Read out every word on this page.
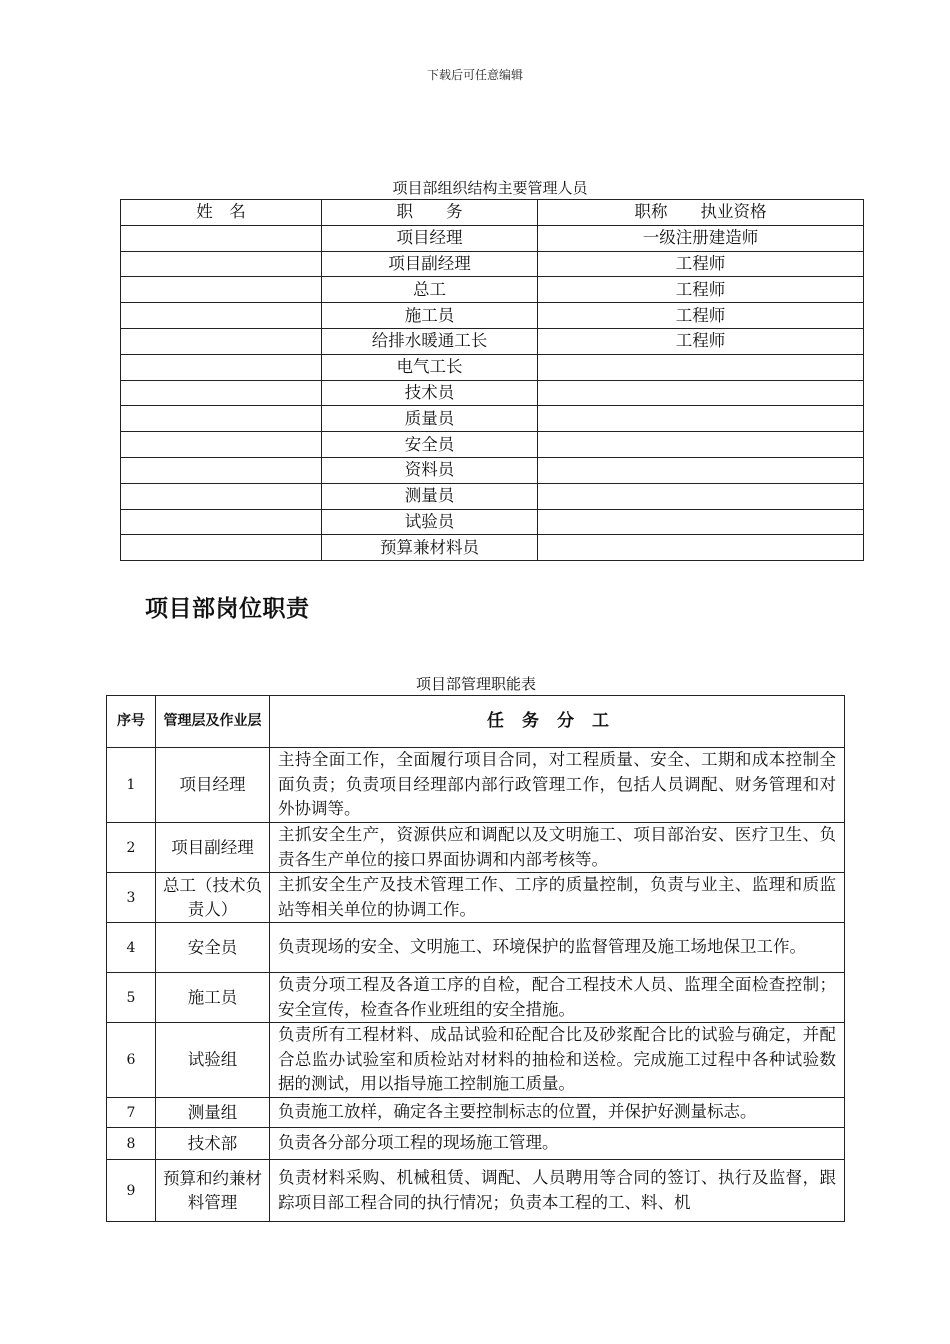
下载后可任意编辑
项目部组织结构主要管理人员
姓　名	职　　务	职称　　执业资格
	项目经理	一级注册建造师
	项目副经理	工程师
	总工	工程师
	施工员	工程师
	给排水暖通工长	工程师
	电气工长	
	技术员	
	质量员	
	安全员	
	资料员	
	测量员	
	试验员	
	预算兼材料员	
项目部岗位职责
项目部管理职能表
序号	管理层及作业层	任务分工
1	项目经理	主持全面工作，全面履行项目合同，对工程质量、安全、工期和成本控制全面负责；负责项目经理部内部行政管理工作，包括人员调配、财务管理和对外协调等。
2	项目副经理	主抓安全生产，资源供应和调配以及文明施工、项目部治安、医疗卫生、负责各生产单位的接口界面协调和内部考核等。
3	总工（技术负责人）	主抓安全生产及技术管理工作、工序的质量控制，负责与业主、监理和质监站等相关单位的协调工作。
4	安全员	负责现场的安全、文明施工、环境保护的监督管理及施工场地保卫工作。
5	施工员	负责分项工程及各道工序的自检，配合工程技术人员、监理全面检查控制；安全宣传，检查各作业班组的安全措施。
6	试验组	负责所有工程材料、成品试验和砼配合比及砂浆配合比的试验与确定，并配合总监办试验室和质检站对材料的抽检和送检。完成施工过程中各种试验数据的测试，用以指导施工控制施工质量。
7	测量组	负责施工放样，确定各主要控制标志的位置，并保护好测量标志。
8	技术部	负责各分部分项工程的现场施工管理。
9	预算和约兼材料管理	负责材料采购、机械租赁、调配、人员聘用等合同的签订、执行及监督，跟踪项目部工程合同的执行情况；负责本工程的工、料、机
